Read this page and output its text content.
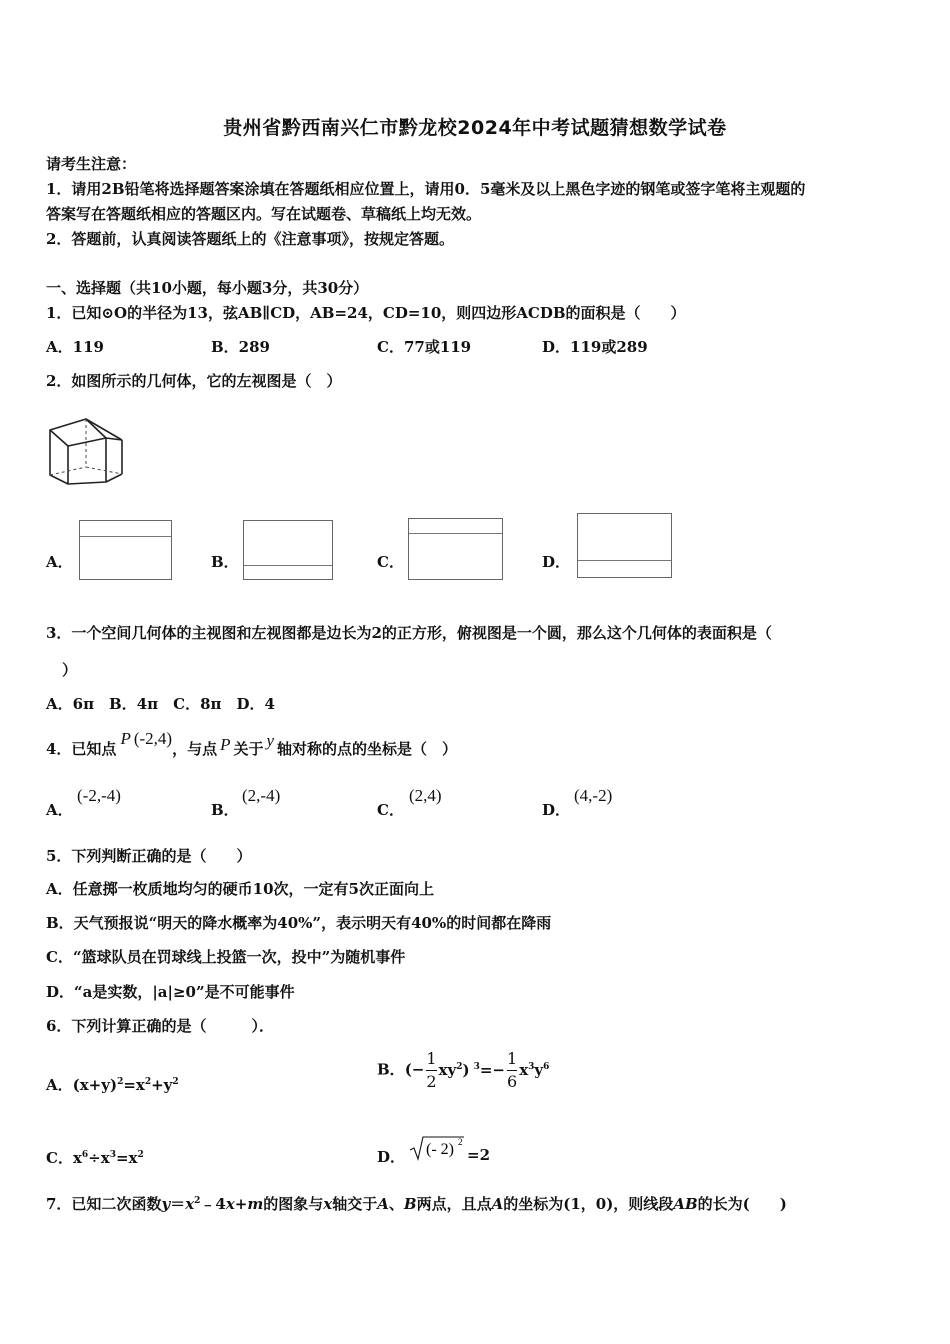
贵州省黔西南兴仁市黔龙校2024年中考试题猜想数学试卷
请考生注意：
1．请用2B铅笔将选择题答案涂填在答题纸相应位置上，请用0．5毫米及以上黑色字迹的钢笔或签字笔将主观题的
答案写在答题纸相应的答题区内。写在试题卷、草稿纸上均无效。
2．答题前，认真阅读答题纸上的《注意事项》，按规定答题。
一、选择题（共10小题，每小题3分，共30分）
1．已知⊙O的半径为13，弦AB∥CD，AB=24，CD=10，则四边形ACDB的面积是（　　）
A．119	B．289	C．77或119	D．119或289
2．如图所示的几何体，它的左视图是（　）
A．	B．	C．	D．
3．一个空间几何体的主视图和左视图都是边长为2的正方形，俯视图是一个圆，那么这个几何体的表面积是（
）
A．6π　B．4π　C．8π　D．4
4．已知点P (-2,4)，与点 P 关于 y 轴对称的点的坐标是（　）
A．
(-2,-4)
B．
(2,-4)
C．
(2,4)
D．
(4,-2)
5．下列判断正确的是（　　）
A．任意掷一枚质地均匀的硬币10次，一定有5次正面向上
B．天气预报说“明天的降水概率为40%”，表示明天有40%的时间都在降雨
C．“篮球队员在罚球线上投篮一次，投中”为随机事件
D．“a是实数，|a|≥0”是不可能事件
6．下列计算正确的是（　　　）．
A．$(x+y)^2=x^2+y^2$
B．(− $\frac{1}{2} xy^2$) $^3=- \frac{1}{6} x^3y^6$
C．$x^6\div x^3=x^2$	D． (- 2) 2
=2
7．已知二次函数$y=x^2﹣4x+m$的图象与x轴交于A、B两点，且点A的坐标为(1，0)，则线段AB的长为(　　)
